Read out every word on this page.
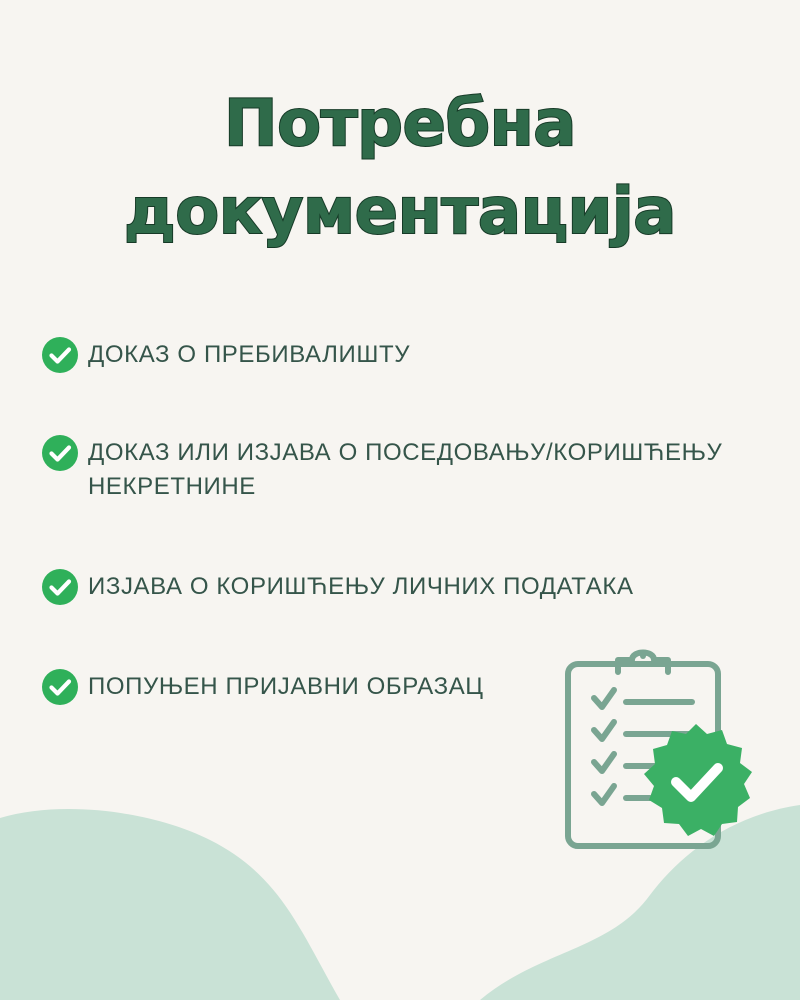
Потребна
документација
ДОКАЗ О ПРЕБИВАЛИШТУ
ДОКАЗ ИЛИ ИЗЈАВА О ПОСЕДОВАЊУ/КОРИШЋЕЊУ НЕКРЕТНИНЕ
ИЗЈАВА О КОРИШЋЕЊУ ЛИЧНИХ ПОДАТАКА
ПОПУЊЕН ПРИЈАВНИ ОБРАЗАЦ
